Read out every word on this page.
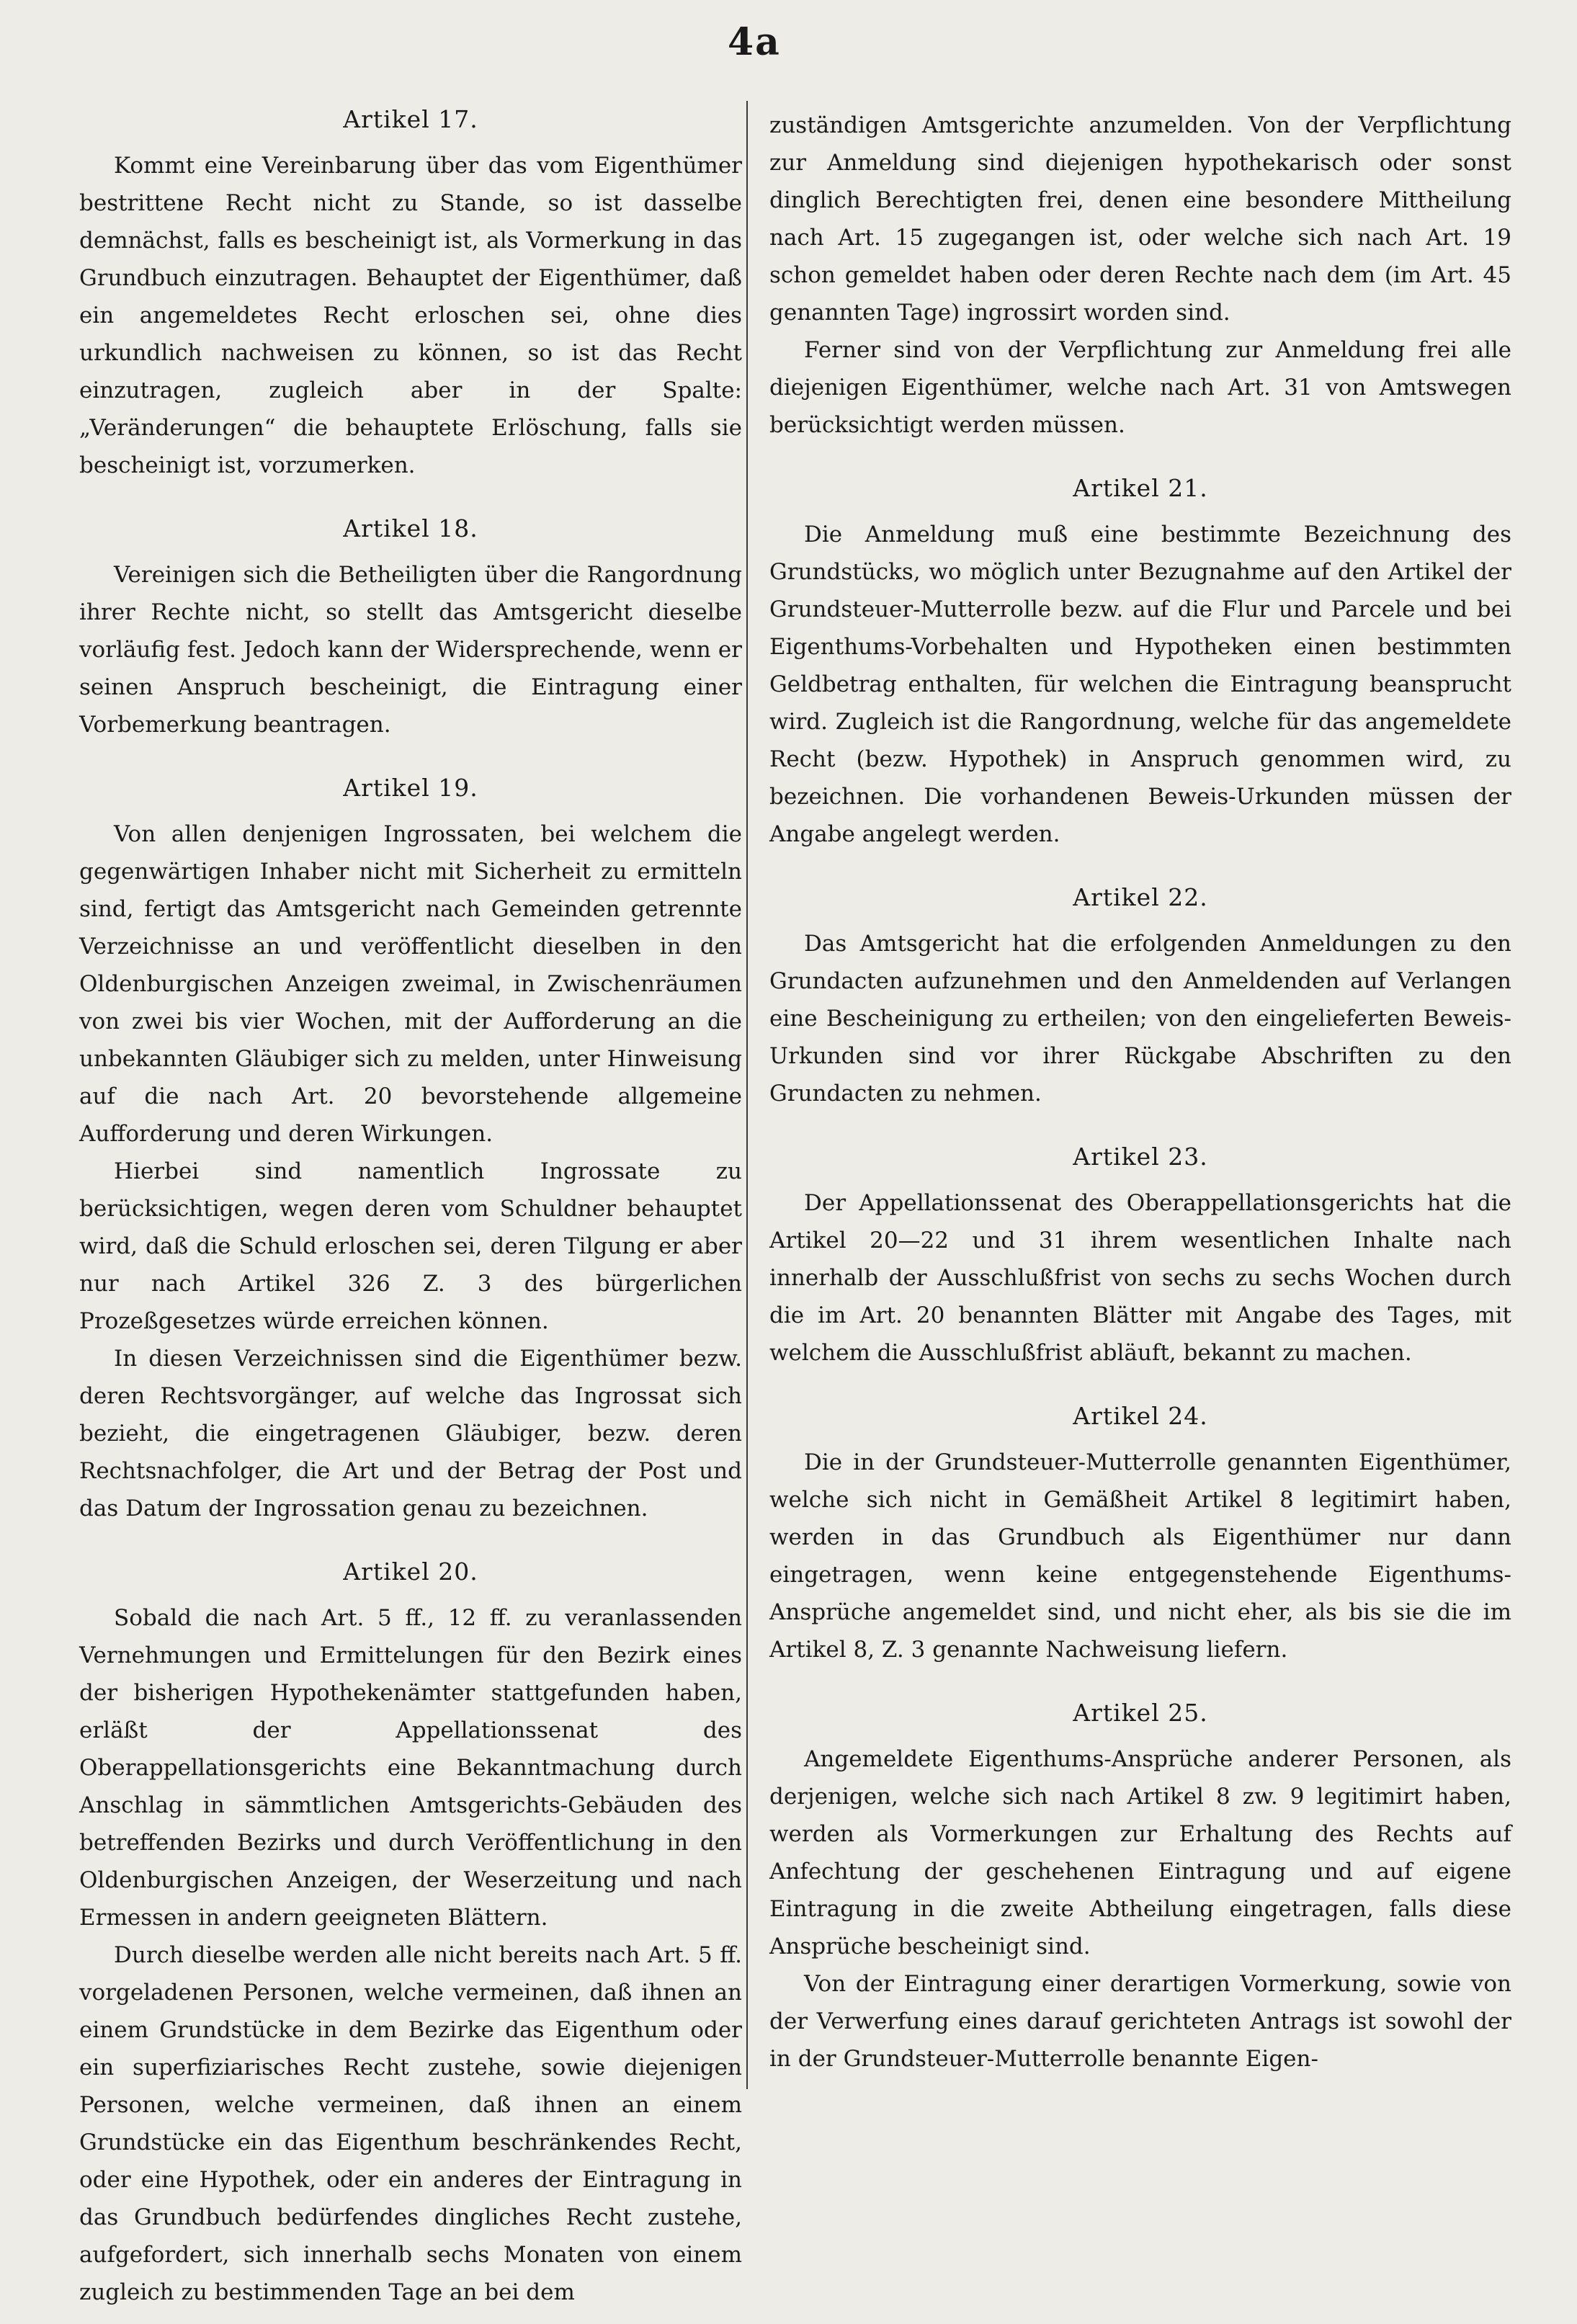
4a
Artikel 17.

Kommt eine Vereinbarung über das vom Eigenthümer bestrittene Recht nicht zu Stande, so ist dasselbe demnächst, falls es bescheinigt ist, als Vormerkung in das Grundbuch einzutragen. Behauptet der Eigenthümer, daß ein angemeldetes Recht erloschen sei, ohne dies urkundlich nachweisen zu können, so ist das Recht einzutragen, zugleich aber in der Spalte: „Veränderungen“ die behauptete Erlöschung, falls sie bescheinigt ist, vorzumerken.

Artikel 18.

Vereinigen sich die Betheiligten über die Rangordnung ihrer Rechte nicht, so stellt das Amtsgericht dieselbe vorläufig fest. Jedoch kann der Widersprechende, wenn er seinen Anspruch bescheinigt, die Eintragung einer Vorbemerkung beantragen.

Artikel 19.

Von allen denjenigen Ingrossaten, bei welchem die gegenwärtigen Inhaber nicht mit Sicherheit zu ermitteln sind, fertigt das Amtsgericht nach Gemeinden getrennte Verzeichnisse an und veröffentlicht dieselben in den Oldenburgischen Anzeigen zweimal, in Zwischenräumen von zwei bis vier Wochen, mit der Aufforderung an die unbekannten Gläubiger sich zu melden, unter Hinweisung auf die nach Art. 20 bevorstehende allgemeine Aufforderung und deren Wirkungen.

Hierbei sind namentlich Ingrossate zu berücksichtigen, wegen deren vom Schuldner behauptet wird, daß die Schuld erloschen sei, deren Tilgung er aber nur nach Artikel 326 Z. 3 des bürgerlichen Prozeßgesetzes würde erreichen können.

In diesen Verzeichnissen sind die Eigenthümer bezw. deren Rechtsvorgänger, auf welche das Ingrossat sich bezieht, die eingetragenen Gläubiger, bezw. deren Rechtsnachfolger, die Art und der Betrag der Post und das Datum der Ingrossation genau zu bezeichnen.

Artikel 20.

Sobald die nach Art. 5 ff., 12 ff. zu veranlassenden Vernehmungen und Ermittelungen für den Bezirk eines der bisherigen Hypothekenämter stattgefunden haben, erläßt der Appellationssenat des Oberappellationsgerichts eine Bekanntmachung durch Anschlag in sämmtlichen Amtsgerichts-Gebäuden des betreffenden Bezirks und durch Veröffentlichung in den Oldenburgischen Anzeigen, der Weserzeitung und nach Ermessen in andern geeigneten Blättern.

Durch dieselbe werden alle nicht bereits nach Art. 5 ff. vorgeladenen Personen, welche vermeinen, daß ihnen an einem Grundstücke in dem Bezirke das Eigenthum oder ein superfiziarisches Recht zustehe, sowie diejenigen Personen, welche vermeinen, daß ihnen an einem Grundstücke ein das Eigenthum beschränkendes Recht, oder eine Hypothek, oder ein anderes der Eintragung in das Grundbuch bedürfendes dingliches Recht zustehe, aufgefordert, sich innerhalb sechs Monaten von einem zugleich zu bestimmenden Tage an bei dem

zuständigen Amtsgerichte anzumelden. Von der Verpflichtung zur Anmeldung sind diejenigen hypothekarisch oder sonst dinglich Berechtigten frei, denen eine besondere Mittheilung nach Art. 15 zugegangen ist, oder welche sich nach Art. 19 schon gemeldet haben oder deren Rechte nach dem (im Art. 45 genannten Tage) ingrossirt worden sind.

Ferner sind von der Verpflichtung zur Anmeldung frei alle diejenigen Eigenthümer, welche nach Art. 31 von Amtswegen berücksichtigt werden müssen.

Artikel 21.

Die Anmeldung muß eine bestimmte Bezeichnung des Grundstücks, wo möglich unter Bezugnahme auf den Artikel der Grundsteuer-Mutterrolle bezw. auf die Flur und Parcele und bei Eigenthums-Vorbehalten und Hypotheken einen bestimmten Geldbetrag enthalten, für welchen die Eintragung beansprucht wird. Zugleich ist die Rangordnung, welche für das angemeldete Recht (bezw. Hypothek) in Anspruch genommen wird, zu bezeichnen. Die vorhandenen Beweis-Urkunden müssen der Angabe angelegt werden.

Artikel 22.

Das Amtsgericht hat die erfolgenden Anmeldungen zu den Grundacten aufzunehmen und den Anmeldenden auf Verlangen eine Bescheinigung zu ertheilen; von den eingelieferten Beweis-Urkunden sind vor ihrer Rückgabe Abschriften zu den Grundacten zu nehmen.

Artikel 23.

Der Appellationssenat des Oberappellationsgerichts hat die Artikel 20—22 und 31 ihrem wesentlichen Inhalte nach innerhalb der Ausschlußfrist von sechs zu sechs Wochen durch die im Art. 20 benannten Blätter mit Angabe des Tages, mit welchem die Ausschlußfrist abläuft, bekannt zu machen.

Artikel 24.

Die in der Grundsteuer-Mutterrolle genannten Eigenthümer, welche sich nicht in Gemäßheit Artikel 8 legitimirt haben, werden in das Grundbuch als Eigenthümer nur dann eingetragen, wenn keine entgegenstehende Eigenthums-Ansprüche angemeldet sind, und nicht eher, als bis sie die im Artikel 8, Z. 3 genannte Nachweisung liefern.

Artikel 25.

Angemeldete Eigenthums-Ansprüche anderer Personen, als derjenigen, welche sich nach Artikel 8 zw. 9 legitimirt haben, werden als Vormerkungen zur Erhaltung des Rechts auf Anfechtung der geschehenen Eintragung und auf eigene Eintragung in die zweite Abtheilung eingetragen, falls diese Ansprüche bescheinigt sind.

Von der Eintragung einer derartigen Vormerkung, sowie von der Verwerfung eines darauf gerichteten Antrags ist sowohl der in der Grundsteuer-Mutterrolle benannte Eigen-
